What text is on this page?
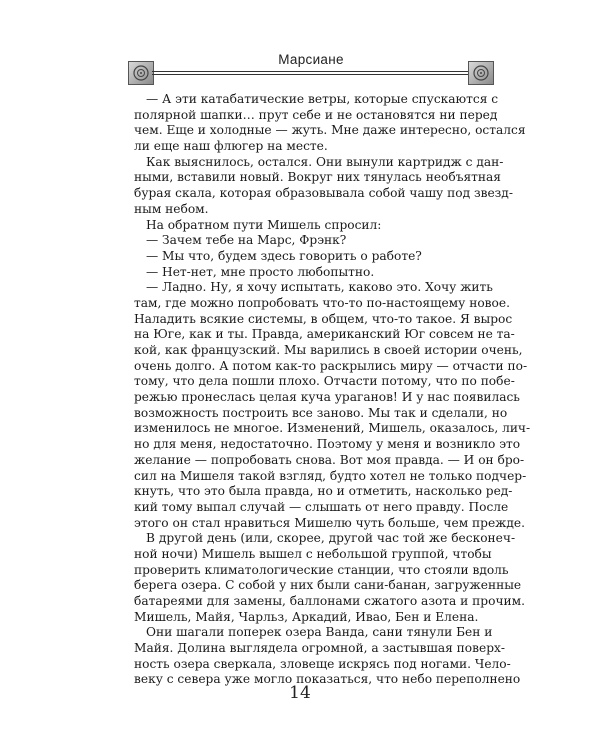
Марсиане
— А эти катабатические ветры, которые спускаются с
полярной шапки… прут себе и не остановятся ни перед
чем. Еще и холодные — жуть. Мне даже интересно, остался
ли еще наш флюгер на месте.
Как выяснилось, остался. Они вынули картридж с дан-
ными, вставили новый. Вокруг них тянулась необъятная
бурая скала, которая образовывала собой чашу под звезд-
ным небом.
На обратном пути Мишель спросил:
— Зачем тебе на Марс, Фрэнк?
— Мы что, будем здесь говорить о работе?
— Нет-нет, мне просто любопытно.
— Ладно. Ну, я хочу испытать, каково это. Хочу жить
там, где можно попробовать что-то по-настоящему новое.
Наладить всякие системы, в общем, что-то такое. Я вырос
на Юге, как и ты. Правда, американский Юг совсем не та-
кой, как французский. Мы варились в своей истории очень,
очень долго. А потом как-то раскрылись миру — отчасти по-
тому, что дела пошли плохо. Отчасти потому, что по побе-
режью пронеслась целая куча ураганов! И у нас появилась
возможность построить все заново. Мы так и сделали, но
изменилось не многое. Изменений, Мишель, оказалось, лич-
но для меня, недостаточно. Поэтому у меня и возникло это
желание — попробовать снова. Вот моя правда. — И он бро-
сил на Мишеля такой взгляд, будто хотел не только подчер-
кнуть, что это была правда, но и отметить, насколько ред-
кий тому выпал случай — слышать от него правду. После
этого он стал нравиться Мишелю чуть больше, чем прежде.
В другой день (или, скорее, другой час той же бесконеч-
ной ночи) Мишель вышел с небольшой группой, чтобы
проверить климатологические станции, что стояли вдоль
берега озера. С собой у них были сани-банан, загруженные
батареями для замены, баллонами сжатого азота и прочим.
Мишель, Майя, Чарльз, Аркадий, Ивао, Бен и Елена.
Они шагали поперек озера Ванда, сани тянули Бен и
Майя. Долина выглядела огромной, а застывшая поверх-
ность озера сверкала, зловеще искрясь под ногами. Чело-
веку с севера уже могло показаться, что небо переполнено
14
